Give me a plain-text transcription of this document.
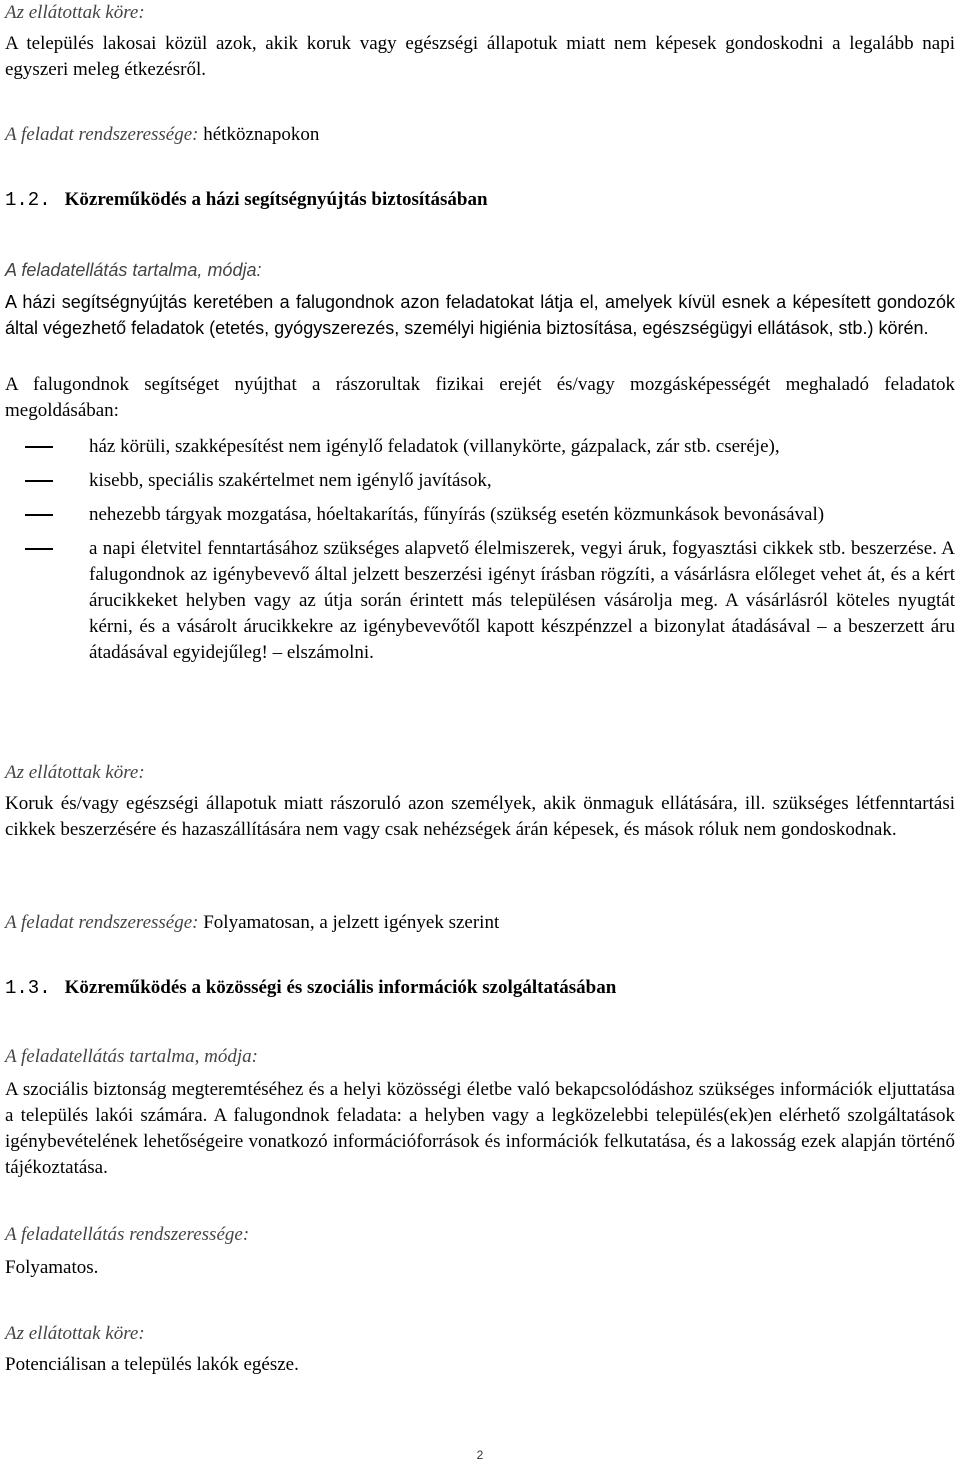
Az ellátottak köre:
A település lakosai közül azok, akik koruk vagy egészségi állapotuk miatt nem képesek gondoskodni a legalább napi egyszeri meleg étkezésről.
A feladat rendszeressége: hétköznapokon
1.2. Közreműködés a házi segítségnyújtás biztosításában
A feladatellátás tartalma, módja:
A házi segítségnyújtás keretében a falugondnok azon feladatokat látja el, amelyek kívül esnek a képesített gondozók által végezhető feladatok (etetés, gyógyszerezés, személyi higiénia biztosítása, egészségügyi ellátások, stb.) körén.
A falugondnok segítséget nyújthat a rászorultak fizikai erejét és/vagy mozgásképességét meghaladó feladatok megoldásában:
ház körüli, szakképesítést nem igénylő feladatok (villanykörte, gázpalack, zár stb. cseréje),
kisebb, speciális szakértelmet nem igénylő javítások,
nehezebb tárgyak mozgatása, hóeltakarítás, fűnyírás (szükség esetén közmunkások bevonásával)
a napi életvitel fenntartásához szükséges alapvető élelmiszerek, vegyi áruk, fogyasztási cikkek stb. beszerzése. A falugondnok az igénybevevő által jelzett beszerzési igényt írásban rögzíti, a vásárlásra előleget vehet át, és a kért árucikkeket helyben vagy az útja során érintett más településen vásárolja meg. A vásárlásról köteles nyugtát kérni, és a vásárolt árucikkekre az igénybevevőtől kapott készpénzzel a bizonylat átadásával – a beszerzett áru átadásával egyidejűleg! – elszámolni.
Az ellátottak köre:
Koruk és/vagy egészségi állapotuk miatt rászoruló azon személyek, akik önmaguk ellátására, ill. szükséges létfenntartási cikkek beszerzésére és hazaszállítására nem vagy csak nehézségek árán képesek, és mások róluk nem gondoskodnak.
A feladat rendszeressége: Folyamatosan, a jelzett igények szerint
1.3. Közreműködés a közösségi és szociális információk szolgáltatásában
A feladatellátás tartalma, módja:
A szociális biztonság megteremtéséhez és a helyi közösségi életbe való bekapcsolódáshoz szükséges információk eljuttatása a település lakói számára. A falugondnok feladata: a helyben vagy a legközelebbi település(ek)en elérhető szolgáltatások igénybevételének lehetőségeire vonatkozó információforrások és információk felkutatása, és a lakosság ezek alapján történő tájékoztatása.
A feladatellátás rendszeressége:
Folyamatos.
Az ellátottak köre:
Potenciálisan a település lakók egésze.
2
